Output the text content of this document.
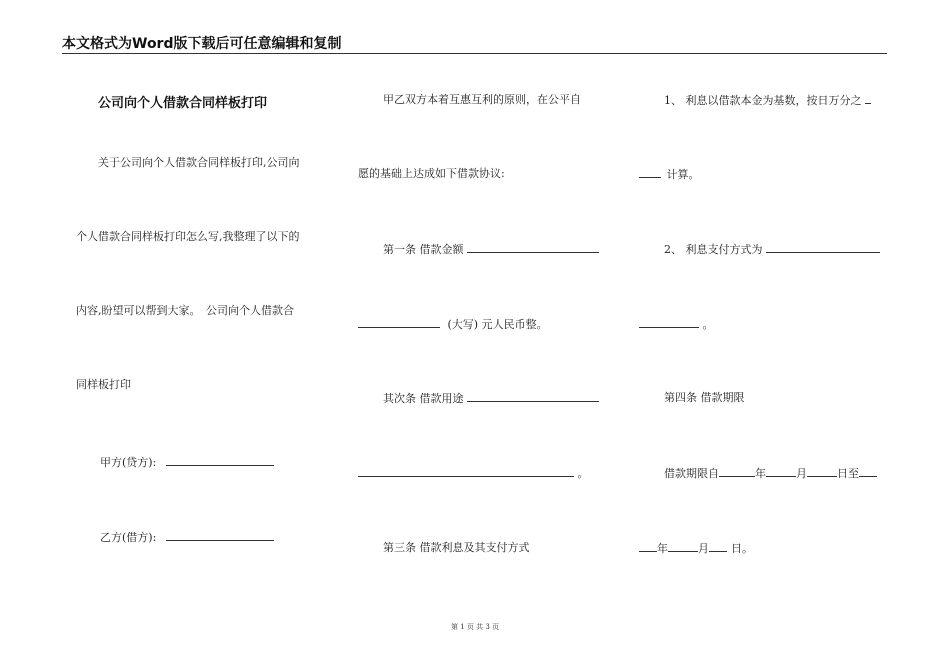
本文格式为Word版下载后可任意编辑和复制
公司向个人借款合同样板打印
关于公司向个人借款合同样板打印,公司向
个人借款合同样板打印怎么写,我整理了以下的
内容,盼望可以帮到大家。　公司向个人借款合
同样板打印
甲方(贷方):
乙方(借方):
甲乙双方本着互惠互利的原则，在公平自
愿的基础上达成如下借款协议:
第一条 借款金额
(大写) 元人民币整。
其次条 借款用途
。
第三条 借款利息及其支付方式
1、 利息以借款本金为基数，按日万分之
计算。
2、 利息支付方式为
。
第四条 借款期限
借款期限自	年	月	日至
年	月 日。
第 1 页 共 3 页
